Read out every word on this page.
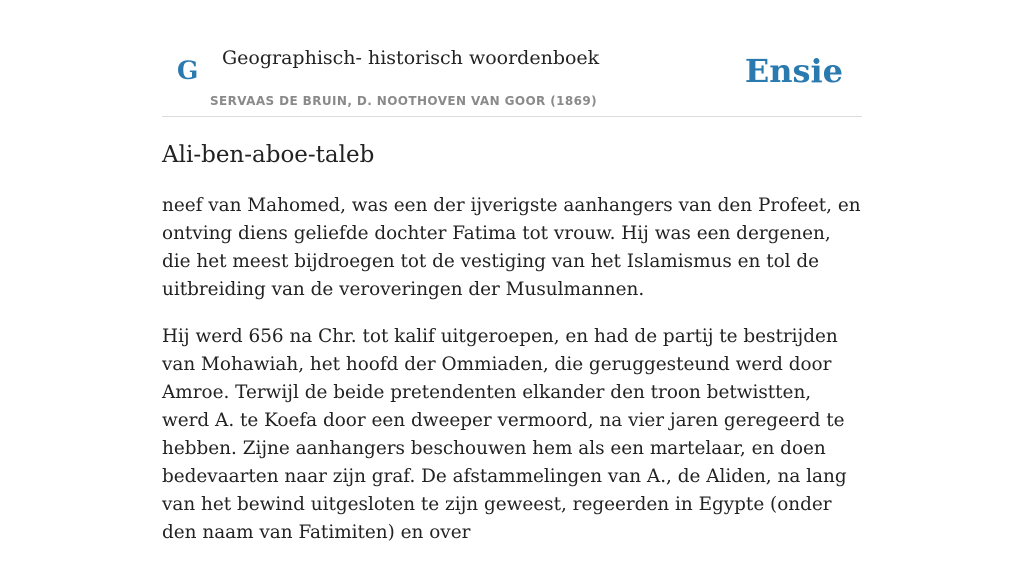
G Geographisch- historisch woordenboek
SERVAAS DE BRUIN, D. NOOTHOVEN VAN GOOR (1869)
Ensie
Ali-ben-aboe-taleb

neef van Mahomed, was een der ijverigste aanhangers van den Profeet, en ontving diens geliefde dochter Fatima tot vrouw. Hij was een dergenen, die het meest bijdroegen tot de vestiging van het Islamismus en tol de uitbreiding van de veroveringen der Musulmannen.

Hij werd 656 na Chr. tot kalif uitgeroepen, en had de partij te bestrijden van Mohawiah, het hoofd der Ommiaden, die geruggesteund werd door Amroe. Terwijl de beide pretendenten elkander den troon betwistten, werd A. te Koefa door een dweeper vermoord, na vier jaren geregeerd te hebben. Zijne aanhangers beschouwen hem als een martelaar, en doen bedevaarten naar zijn graf. De afstammelingen van A., de Aliden, na lang van het bewind uitgesloten te zijn geweest, regeerden in Egypte (onder den naam van Fatimiten) en over
